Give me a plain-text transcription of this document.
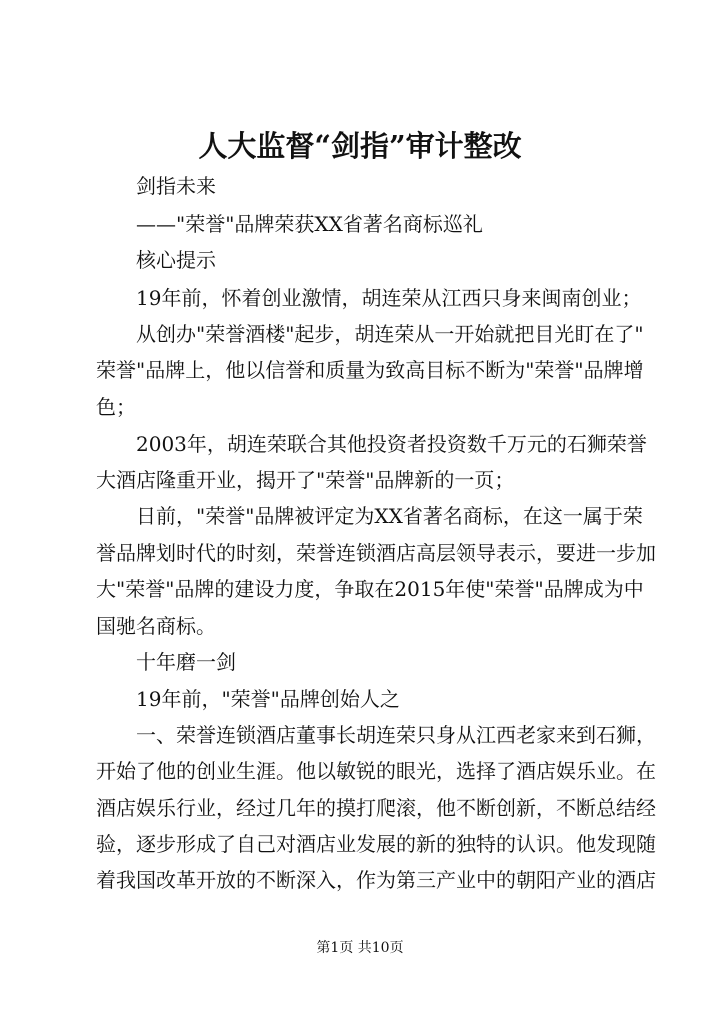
人大监督“剑指”审计整改
剑指未来
——"荣誉"品牌荣获XX省著名商标巡礼
核心提示
19年前，怀着创业激情，胡连荣从江西只身来闽南创业；
从创办"荣誉酒楼"起步，胡连荣从一开始就把目光盯在了"
荣誉"品牌上，他以信誉和质量为致高目标不断为"荣誉"品牌增
色；
2003年，胡连荣联合其他投资者投资数千万元的石狮荣誉
大酒店隆重开业，揭开了"荣誉"品牌新的一页；
日前，"荣誉"品牌被评定为XX省著名商标，在这一属于荣
誉品牌划时代的时刻，荣誉连锁酒店高层领导表示，要进一步加
大"荣誉"品牌的建设力度，争取在2015年使"荣誉"品牌成为中
国驰名商标。
十年磨一剑
19年前，"荣誉"品牌创始人之
一、荣誉连锁酒店董事长胡连荣只身从江西老家来到石狮，
开始了他的创业生涯。他以敏锐的眼光，选择了酒店娱乐业。在
酒店娱乐行业，经过几年的摸打爬滚，他不断创新，不断总结经
验，逐步形成了自己对酒店业发展的新的独特的认识。他发现随
着我国改革开放的不断深入，作为第三产业中的朝阳产业的酒店
第1页 共10页
